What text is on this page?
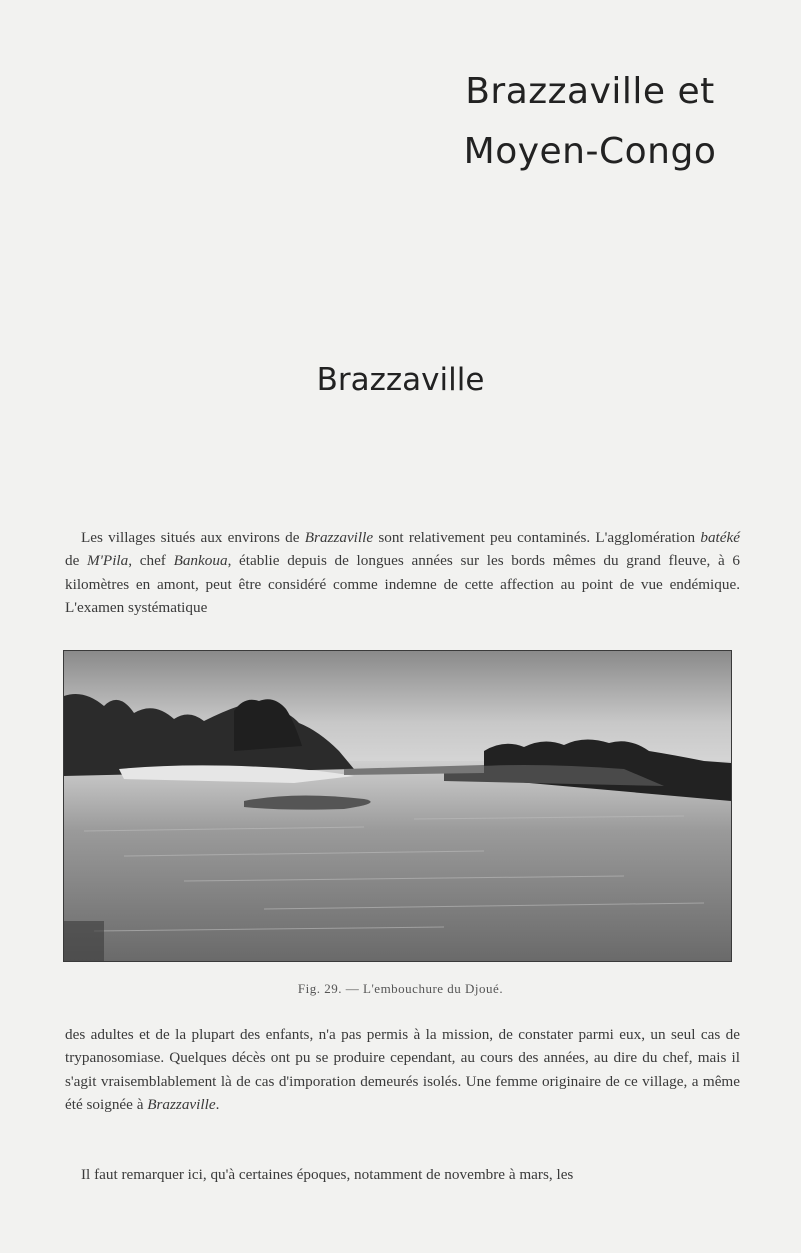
Brazzaville et
Moyen-Congo
Brazzaville

Les villages situés aux environs de Brazzaville sont relativement peu contaminés. L'agglomération batéké de M'Pila, chef Bankoua, établie depuis de longues années sur les bords mêmes du grand fleuve, à 6 kilomètres en amont, peut être considéré comme indemne de cette affection au point de vue endémique. L'examen systématique

Fig. 29. — L'embouchure du Djoué.

des adultes et de la plupart des enfants, n'a pas permis à la mission, de constater parmi eux, un seul cas de trypanosomiase. Quelques décès ont pu se produire cependant, au cours des années, au dire du chef, mais il s'agit vraisemblablement là de cas d'imporation demeurés isolés. Une femme originaire de ce village, a même été soignée à Brazzaville.

Il faut remarquer ici, qu'à certaines époques, notamment de novembre à mars, les
